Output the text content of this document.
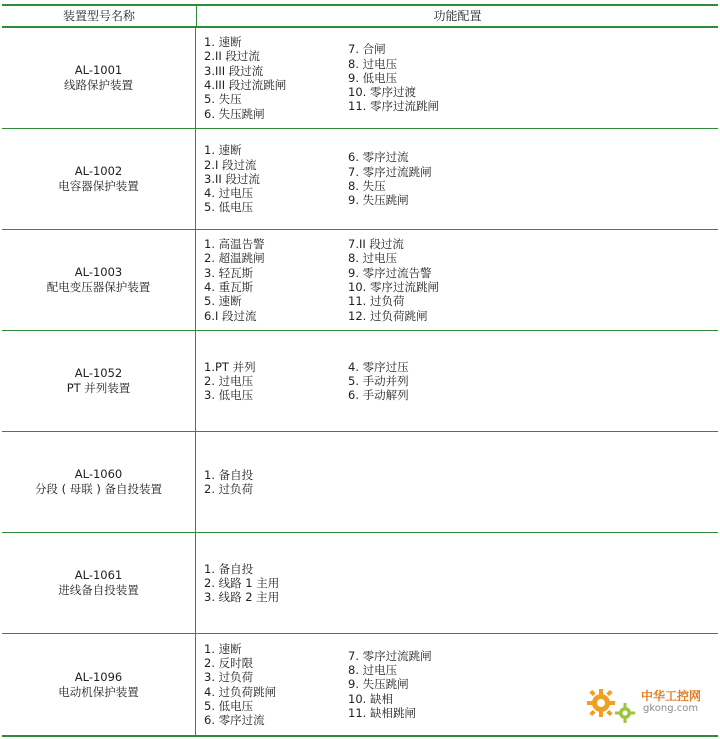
装置型号名称	功能配置
AL-1001
线路保护装置
1. 速断
2.II 段过流
3.III 段过流
4.III 段过流跳闸
5. 失压
6. 失压跳闸
7. 合闸
8. 过电压
9. 低电压
10. 零序过渡
11. 零序过流跳闸
AL-1002
电容器保护装置
1. 速断
2.I 段过流
3.II 段过流
4. 过电压
5. 低电压
6. 零序过流
7. 零序过流跳闸
8. 失压
9. 失压跳闸
AL-1003
配电变压器保护装置
1. 高温告警
2. 超温跳闸
3. 轻瓦斯
4. 重瓦斯
5. 速断
6.I 段过流
7.II 段过流
8. 过电压
9. 零序过流告警
10. 零序过流跳闸
11. 过负荷
12. 过负荷跳闸
AL-1052
PT 并列装置
1.PT 并列
2. 过电压
3. 低电压
4. 零序过压
5. 手动并列
6. 手动解列
AL-1060
分段 ( 母联 ) 备自投装置
1. 备自投
2. 过负荷
AL-1061
进线备自投装置
1. 备自投
2. 线路 1 主用
3. 线路 2 主用
AL-1096
电动机保护装置
1. 速断
2. 反时限
3. 过负荷
4. 过负荷跳闸
5. 低电压
6. 零序过流
7. 零序过流跳闸
8. 过电压
9. 失压跳闸
10. 缺相
11. 缺相跳闸
中华工控网
gkong.com
